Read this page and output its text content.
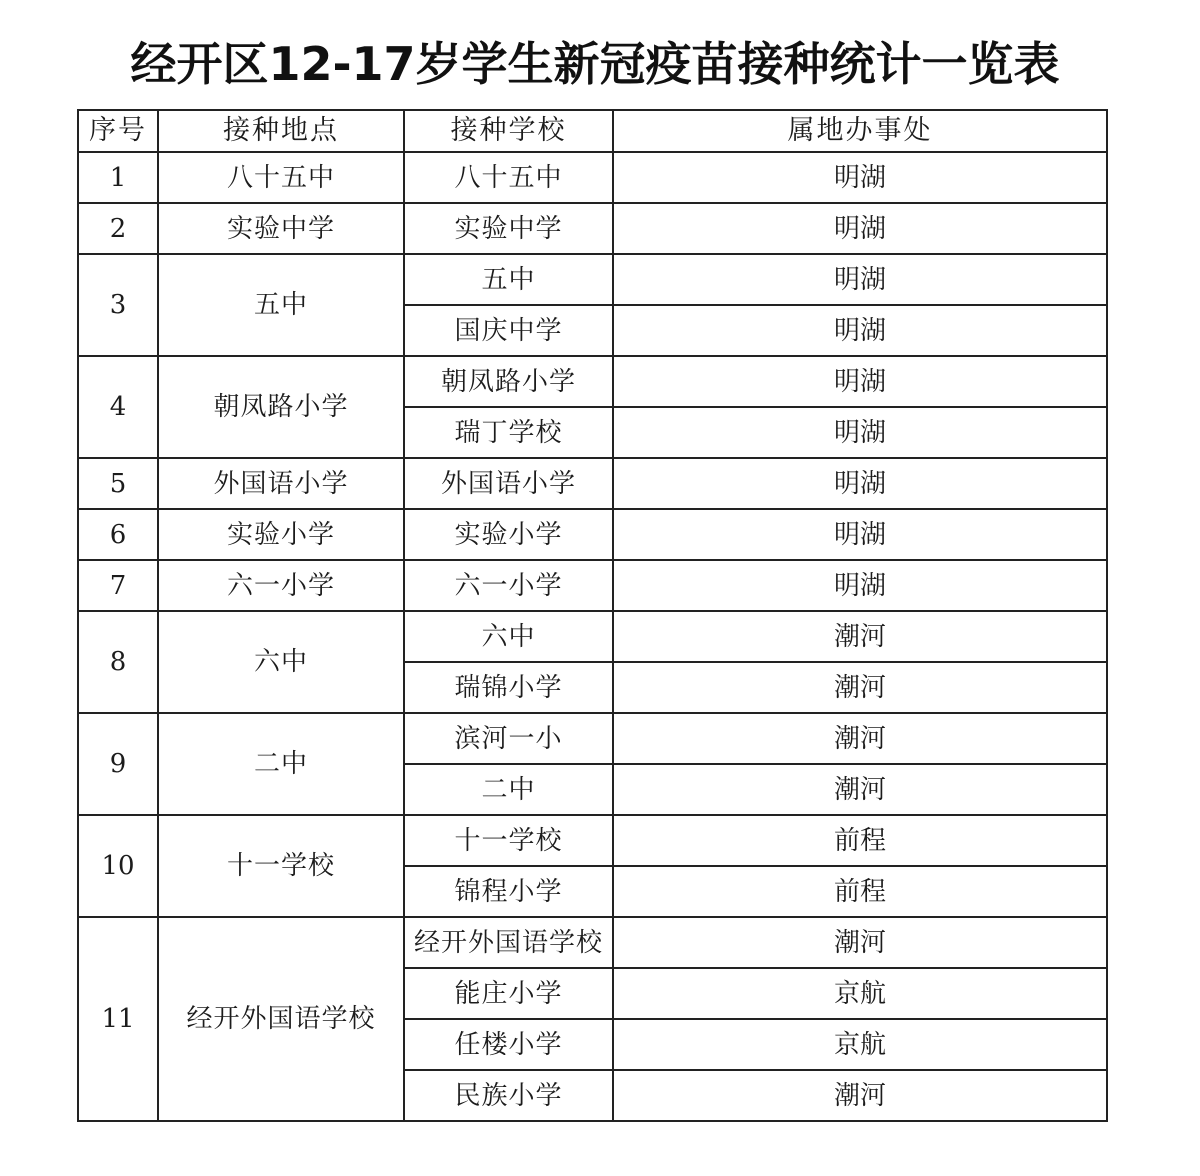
经开区12-17岁学生新冠疫苗接种统计一览表
序号	接种地点	接种学校	属地办事处
1	八十五中	八十五中	明湖
2	实验中学	实验中学	明湖
3	五中	五中	明湖
		国庆中学	明湖
4	朝凤路小学	朝凤路小学	明湖
		瑞丁学校	明湖
5	外国语小学	外国语小学	明湖
6	实验小学	实验小学	明湖
7	六一小学	六一小学	明湖
8	六中	六中	潮河
		瑞锦小学	潮河
9	二中	滨河一小	潮河
		二中	潮河
10	十一学校	十一学校	前程
		锦程小学	前程
11	经开外国语学校	经开外国语学校	潮河
		能庄小学	京航
		任楼小学	京航
		民族小学	潮河
